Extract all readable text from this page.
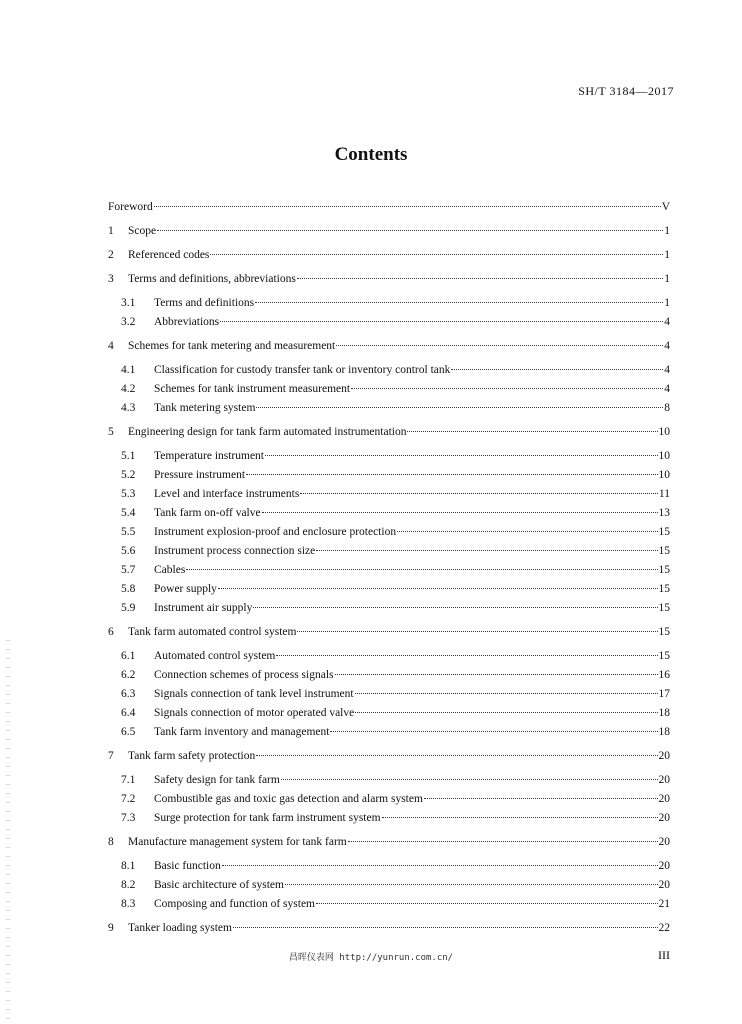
SH/T 3184—2017
Contents
Foreword	V
1	Scope	1
2	Referenced codes	1
3	Terms and definitions, abbreviations	1
3.1	Terms and definitions	1
3.2	Abbreviations	4
4	Schemes for tank metering and measurement	4
4.1	Classification for custody transfer tank or inventory control tank	4
4.2	Schemes for tank instrument measurement	4
4.3	Tank metering system	8
5	Engineering design for tank farm automated instrumentation	10
5.1	Temperature instrument	10
5.2	Pressure instrument	10
5.3	Level and interface instruments	11
5.4	Tank farm on-off valve	13
5.5	Instrument explosion-proof and enclosure protection	15
5.6	Instrument process connection size	15
5.7	Cables	15
5.8	Power supply	15
5.9	Instrument air supply	15
6	Tank farm automated control system	15
6.1	Automated control system	15
6.2	Connection schemes of process signals	16
6.3	Signals connection of tank level instrument	17
6.4	Signals connection of motor operated valve	18
6.5	Tank farm inventory and management	18
7	Tank farm safety protection	20
7.1	Safety design for tank farm	20
7.2	Combustible gas and toxic gas detection and alarm system	20
7.3	Surge protection for tank farm instrument system	20
8	Manufacture management system for tank farm	20
8.1	Basic function	20
8.2	Basic architecture of system	20
8.3	Composing and function of system	21
9	Tanker loading system	22
昌晖仪表网 http://yunrun.com.cn/	III
